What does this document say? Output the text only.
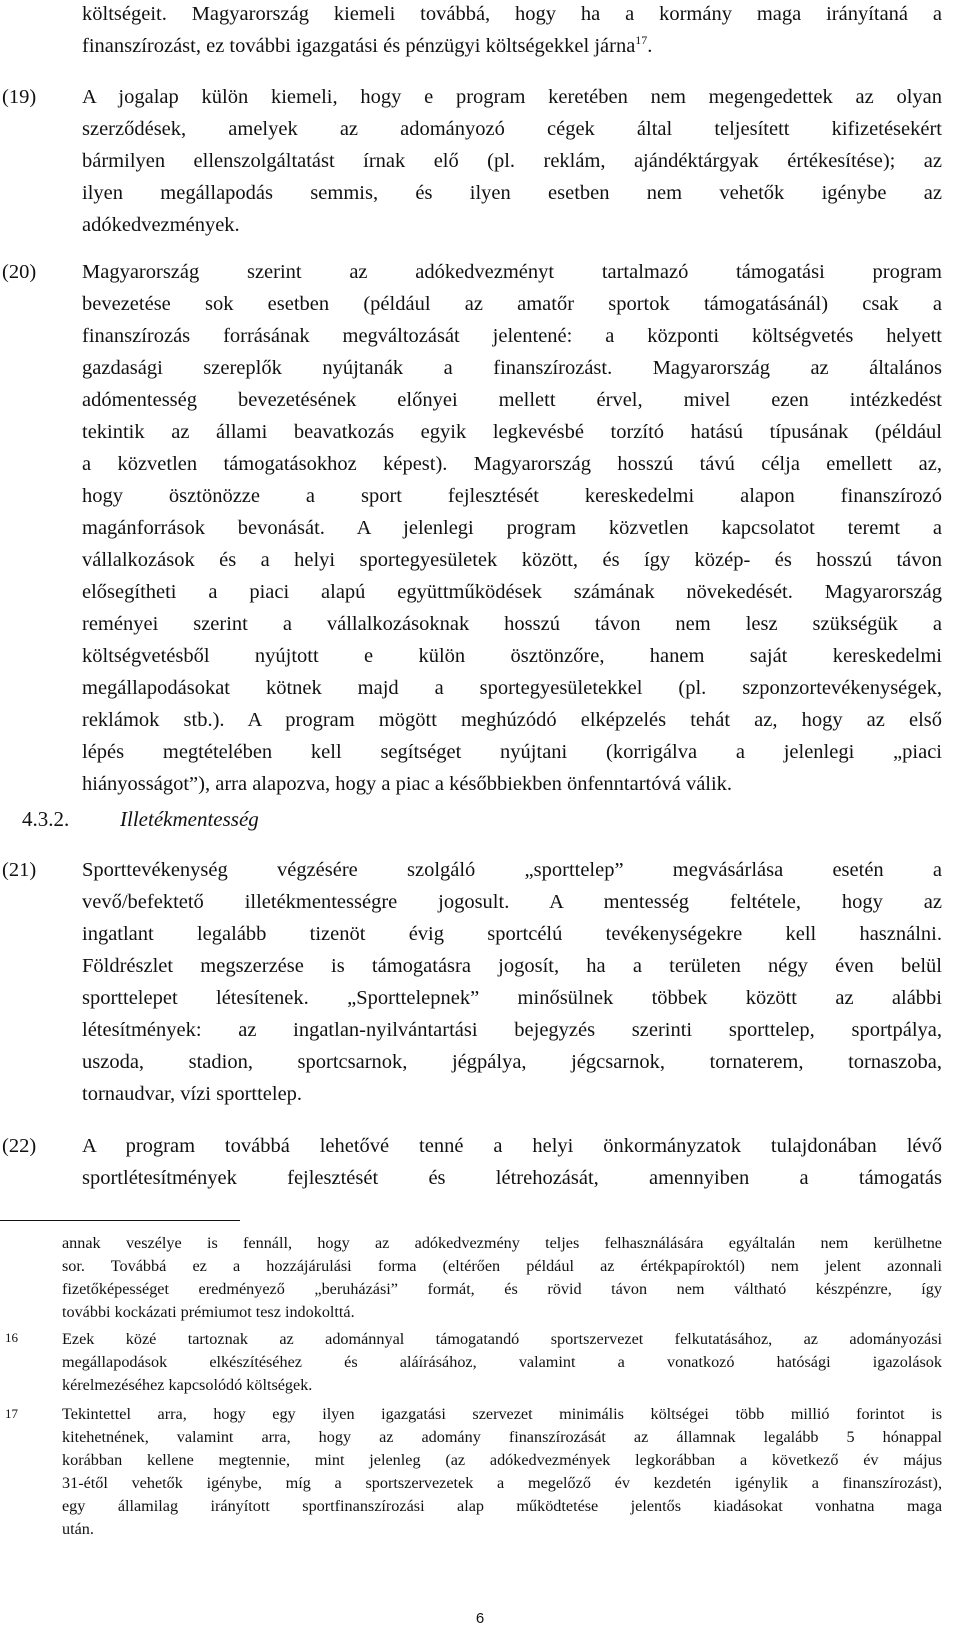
költségeit. Magyarország kiemeli továbbá, hogy ha a kormány maga irányítaná a
finanszírozást, ez további igazgatási és pénzügyi költségekkel járna$^{17}$.
(19) A jogalap külön kiemeli, hogy e program keretében nem megengedettek az olyan
szerződések, amelyek az adományozó cégek által teljesített kifizetésekért
bármilyen ellenszolgáltatást írnak elő (pl. reklám, ajándéktárgyak értékesítése); az
ilyen megállapodás semmis, és ilyen esetben nem vehetők igénybe az
adókedvezmények.
(20) Magyarország szerint az adókedvezményt tartalmazó támogatási program
bevezetése sok esetben (például az amatőr sportok támogatásánál) csak a
finanszírozás forrásának megváltozását jelentené: a központi költségvetés helyett
gazdasági szereplők nyújtanák a finanszírozást. Magyarország az általános
adómentesség bevezetésének előnyei mellett érvel, mivel ezen intézkedést
tekintik az állami beavatkozás egyik legkevésbé torzító hatású típusának (például
a közvetlen támogatásokhoz képest). Magyarország hosszú távú célja emellett az,
hogy ösztönözze a sport fejlesztését kereskedelmi alapon finanszírozó
magánforrások bevonását. A jelenlegi program közvetlen kapcsolatot teremt a
vállalkozások és a helyi sportegyesületek között, és így közép- és hosszú távon
elősegítheti a piaci alapú együttműködések számának növekedését. Magyarország
reményei szerint a vállalkozásoknak hosszú távon nem lesz szükségük a
költségvetésből nyújtott e külön ösztönzőre, hanem saját kereskedelmi
megállapodásokat kötnek majd a sportegyesületekkel (pl. szponzortevékenységek,
reklámok stb.). A program mögött meghúzódó elképzelés tehát az, hogy az első
lépés megtételében kell segítséget nyújtani (korrigálva a jelenlegi „piaci
hiányosságot”), arra alapozva, hogy a piac a későbbiekben önfenntartóvá válik.
4.3.2. Illetékmentesség
(21) Sporttevékenység végzésére szolgáló „sporttelep” megvásárlása esetén a
vevő/befektető illetékmentességre jogosult. A mentesség feltétele, hogy az
ingatlant legalább tizenöt évig sportcélú tevékenységekre kell használni.
Földrészlet megszerzése is támogatásra jogosít, ha a területen négy éven belül
sporttelepet létesítenek. „Sporttelepnek” minősülnek többek között az alábbi
létesítmények: az ingatlan-nyilvántartási bejegyzés szerinti sporttelep, sportpálya,
uszoda, stadion, sportcsarnok, jégpálya, jégcsarnok, tornaterem, tornaszoba,
tornaudvar, vízi sporttelep.
(22) A program továbbá lehetővé tenné a helyi önkormányzatok tulajdonában lévő
sportlétesítmények fejlesztését és létrehozását, amennyiben a támogatás
annak veszélye is fennáll, hogy az adókedvezmény teljes felhasználására egyáltalán nem kerülhetne
sor. Továbbá ez a hozzájárulási forma (eltérően például az értékpapíroktól) nem jelent azonnali
fizetőképességet eredményező „beruházási” formát, és rövid távon nem váltható készpénzre, így
további kockázati prémiumot tesz indokolttá.
16	Ezek közé tartoznak az adománnyal támogatandó sportszervezet felkutatásához, az adományozási
megállapodások elkészítéséhez és aláírásához, valamint a vonatkozó hatósági igazolások
kérelmezéséhez kapcsolódó költségek.
17	Tekintettel arra, hogy egy ilyen igazgatási szervezet minimális költségei több millió forintot is
kitehetnének, valamint arra, hogy az adomány finanszírozását az államnak legalább 5 hónappal
korábban kellene megtennie, mint jelenleg (az adókedvezmények legkorábban a következő év május
31-étől vehetők igénybe, míg a sportszervezetek a megelőző év kezdetén igénylik a finanszírozást),
egy államilag irányított sportfinanszírozási alap működtetése jelentős kiadásokat vonhatna maga
után.
6
